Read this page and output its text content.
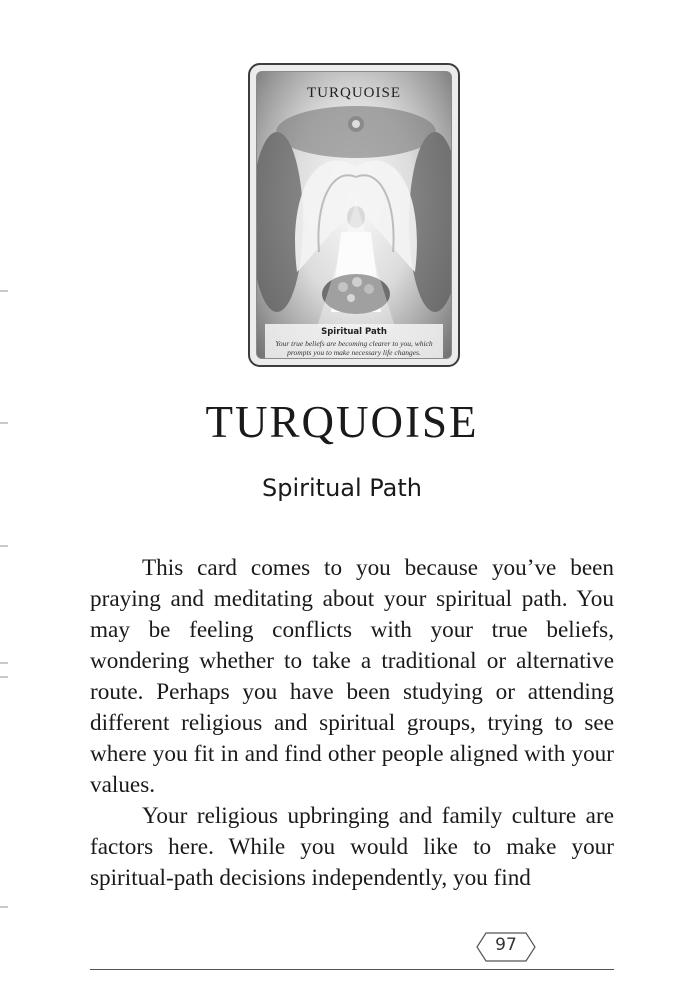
TURQUOISE
Spiritual Path
Your true beliefs are becoming clearer to you, which prompts you to make necessary life changes.
TURQUOISE
Spiritual Path

This card comes to you because you’ve been praying and meditating about your spiritual path. You may be feeling conflicts with your true beliefs, wondering whether to take a traditional or alternative route. Perhaps you have been studying or attending different religious and spiritual groups, trying to see where you fit in and find other people aligned with your values.

Your religious upbringing and family culture are factors here. While you would like to make your spiritual-path decisions independently, you find

97
